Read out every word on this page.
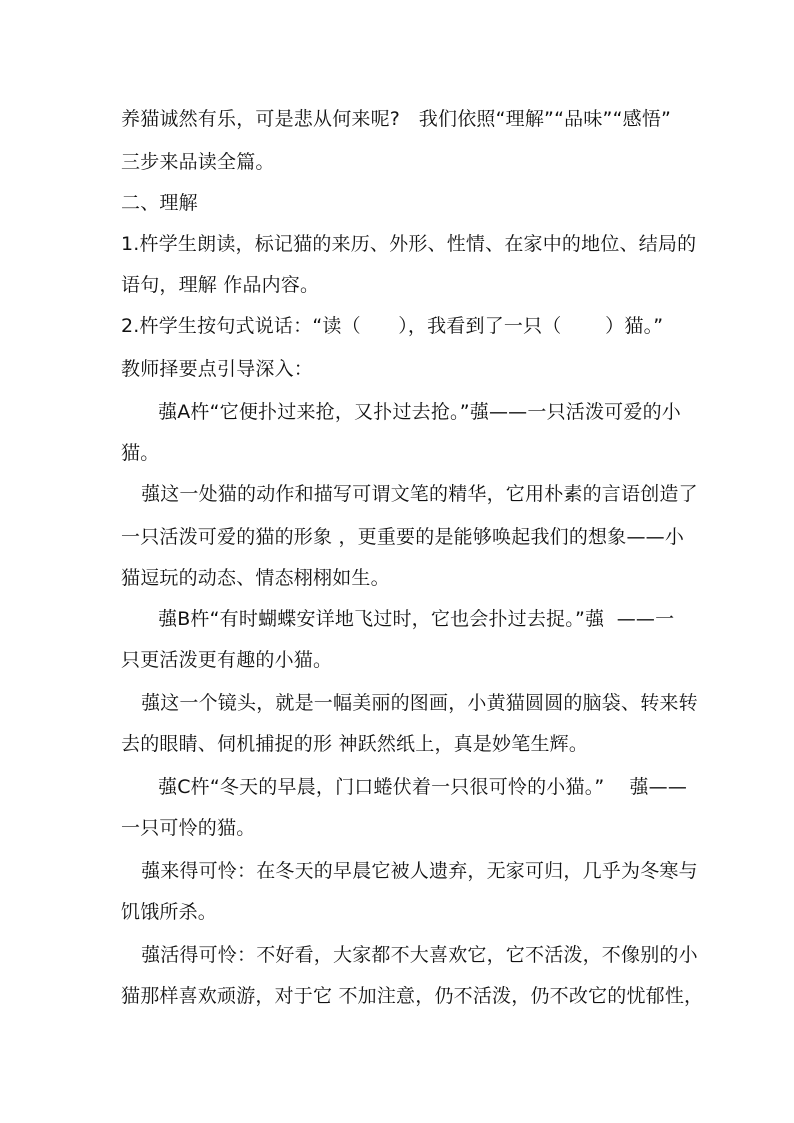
养猫诚然有乐，可是悲从何来呢?   我们依照“理解”“品味”“感悟”
三步来品读全篇。
二、理解
1.杵学生朗读，标记猫的来历、外形、性情、在家中的地位、结局的
语句，理解 作品内容。
2.杵学生按句式说话：“读（      ），我看到了一只（       ）猫。”
教师择要点引导深入：
蔃A杵“它便扑过来抢，又扑过去抢。”蔃——一只活泼可爱的小
猫。
蔃这一处猫的动作和描写可谓文笔的精华，它用朴素的言语创造了
一只活泼可爱的猫的形象 ，更重要的是能够唤起我们的想象——小
猫逗玩的动态、情态栩栩如生。
蔃B杵“有时蝴蝶安详地飞过时，它也会扑过去捉。”蔃  ——一
只更活泼更有趣的小猫。
蔃这一个镜头，就是一幅美丽的图画，小黄猫圆圆的脑袋、转来转
去的眼睛、伺机捕捉的形 神跃然纸上，真是妙笔生辉。
蔃C杵“冬天的早晨，门口蜷伏着一只很可怜的小猫。”    蔃——
一只可怜的猫。
蔃来得可怜：在冬天的早晨它被人遗弃，无家可归，几乎为冬寒与
饥饿所杀。
蔃活得可怜：不好看，大家都不大喜欢它，它不活泼，不像别的小
猫那样喜欢顽游，对于它 不加注意，仍不活泼，仍不改它的忧郁性，
